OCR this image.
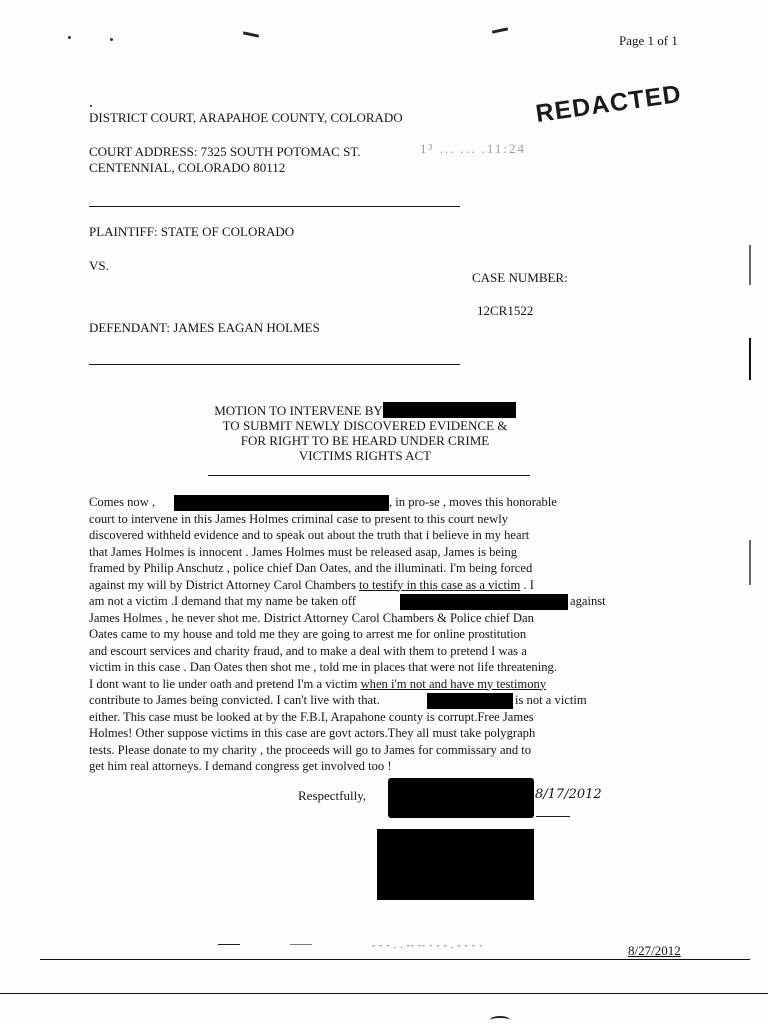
Page 1 of 1
REDACTED
1³ ... ... .11:24
DISTRICT COURT, ARAPAHOE COUNTY, COLORADO
COURT ADDRESS: 7325 SOUTH POTOMAC ST.
CENTENNIAL, COLORADO 80112
PLAINTIFF: STATE OF COLORADO
VS.
CASE NUMBER:
12CR1522
DEFENDANT: JAMES EAGAN HOLMES
MOTION TO INTERVENE BY
TO SUBMIT NEWLY DISCOVERED EVIDENCE &
FOR RIGHT TO BE HEARD UNDER CRIME
VICTIMS RIGHTS ACT
Comes now ,	, in pro-se , moves this honorable
court to intervene in this James Holmes criminal case to present to this court newly
discovered withheld evidence and to speak out about the truth that i believe in my heart
that James Holmes is innocent . James Holmes must be released asap, James is being
framed by Philip Anschutz , police chief Dan Oates, and the illuminati. I'm being forced
against my will by District Attorney Carol Chambers to testify in this case as a victim . I
am not a victim .I demand that my name be taken off	against
James Holmes , he never shot me. District Attorney Carol Chambers & Police chief Dan
Oates came to my house and told me they are going to arrest me for online prostitution
and escourt services and charity fraud, and to make a deal with them to pretend I was a
victim in this case . Dan Oates then shot me , told me in places that were not life threatening.
I dont want to lie under oath and pretend I'm a victim when i'm not and have my testimony
contribute to James being convicted. I can't live with that.	is not a victim
either. This case must be looked at by the F.B.I, Arapahone county is corrupt.Free James
Holmes! Other suppose victims in this case are govt actors.They all must take polygraph
tests. Please donate to my charity , the proceeds will go to James for commissary and to
get him real attorneys. I demand congress get involved too !
Respectfully,	8/17/2012
- - - . . -- -- - - - . - - - -	8/27/2012
